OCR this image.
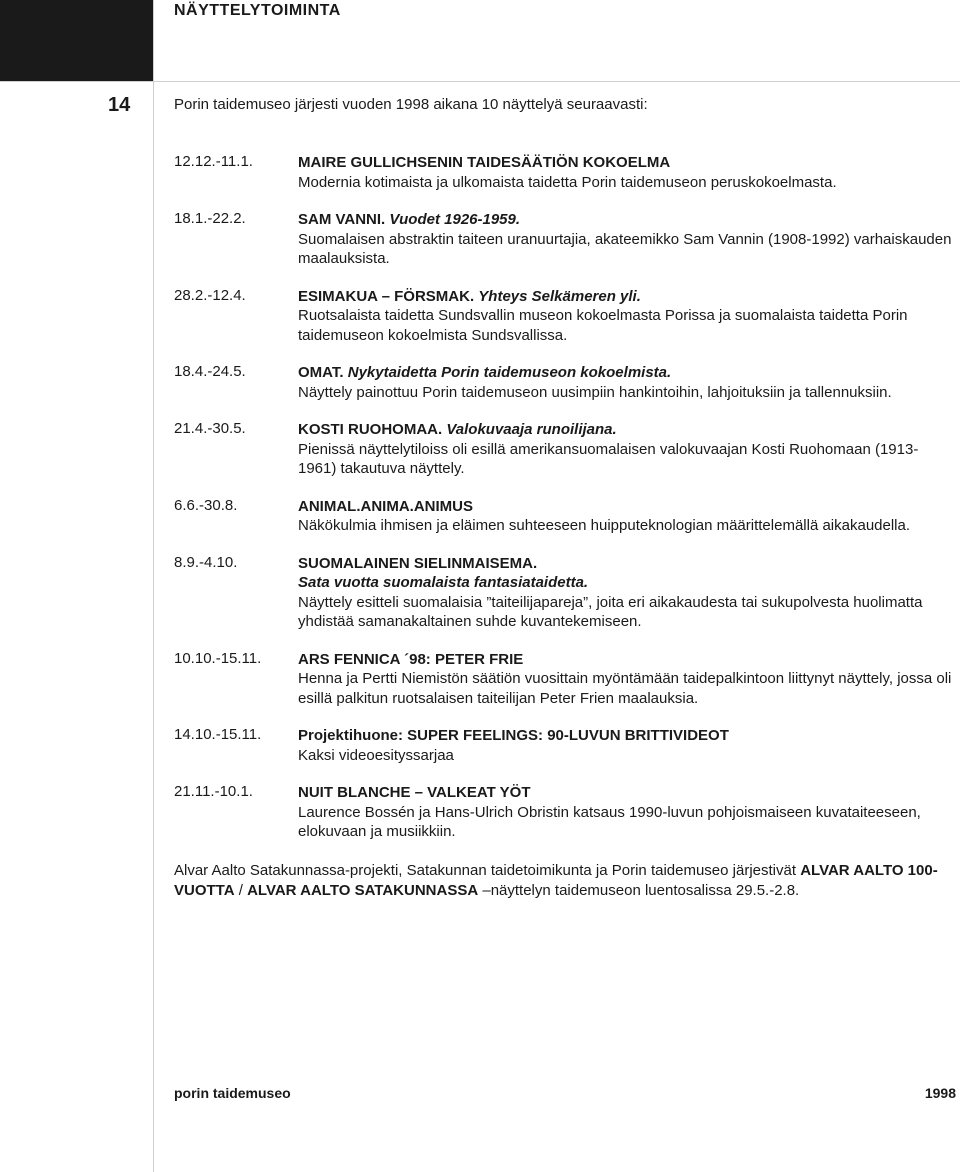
NÄYTTELYTOIMINTA
14	Porin taidemuseo järjesti vuoden 1998 aikana 10 näyttelyä seuraavasti:
12.12.-11.1.	MAIRE GULLICHSENIN TAIDESÄÄTIÖN KOKOELMA
Modernia kotimaista ja ulkomaista taidetta Porin taidemuseon peruskokoelmasta.
18.1.-22.2.	SAM VANNI. Vuodet 1926-1959.
Suomalaisen abstraktin taiteen uranuurtajia, akateemikko Sam Vannin (1908-1992) varhaiskauden maalauksista.
28.2.-12.4.	ESIMAKUA – FÖRSMAK. Yhteys Selkämeren yli.
Ruotsalaista taidetta Sundsvallin museon kokoelmasta Porissa ja suomalaista taidetta Porin taidemuseon kokoelmista Sundsvallissa.
18.4.-24.5.	OMAT. Nykytaidetta Porin taidemuseon kokoelmista.
Näyttely painottuu Porin taidemuseon uusimpiin hankintoihin, lahjoituksiin ja tallennuksiin.
21.4.-30.5.	KOSTI RUOHOMAA. Valokuvaaja runoilijana.
Pienissä näyttelytiloiss oli esillä amerikansuomalaisen valokuvaajan Kosti Ruohomaan (1913-1961) takautuva näyttely.
6.6.-30.8.	ANIMAL.ANIMA.ANIMUS
Näkökulmia ihmisen ja eläimen suhteeseen huipputeknologian määrittelemällä aikakaudella.
8.9.-4.10.	SUOMALAINEN SIELINMAISEMA.
Sata vuotta suomalaista fantasiataidetta.
Näyttely esitteli suomalaisia ”taiteilijapareja”, joita eri aikakaudesta tai sukupolvesta huolimatta yhdistää samanakaltainen suhde kuvantekemiseen.
10.10.-15.11. ARS FENNICA ´98: PETER FRIE
Henna ja Pertti Niemistön säätiön vuosittain myöntämään taidepalkintoon liittynyt näyttely, jossa oli esillä palkitun ruotsalaisen taiteilijan Peter Frien maalauksia.
14.10.-15.11. Projektihuone: SUPER FEELINGS: 90-LUVUN BRITTIVIDEOT
Kaksi videoesityssarjaa
21.11.-10.1.	NUIT BLANCHE – VALKEAT YÖT
Laurence Bossén ja Hans-Ulrich Obristin katsaus 1990-luvun pohjoismaiseen kuvataiteeseen, elokuvaan ja musiikkiin.
Alvar Aalto Satakunnassa-projekti, Satakunnan taidetoimikunta ja Porin taidemuseo järjestivät ALVAR AALTO 100-VUOTTA / ALVAR AALTO SATAKUNNASSA –näyttelyn taidemuseon luentosalissa 29.5.-2.8.
porin taidemuseo	1998
